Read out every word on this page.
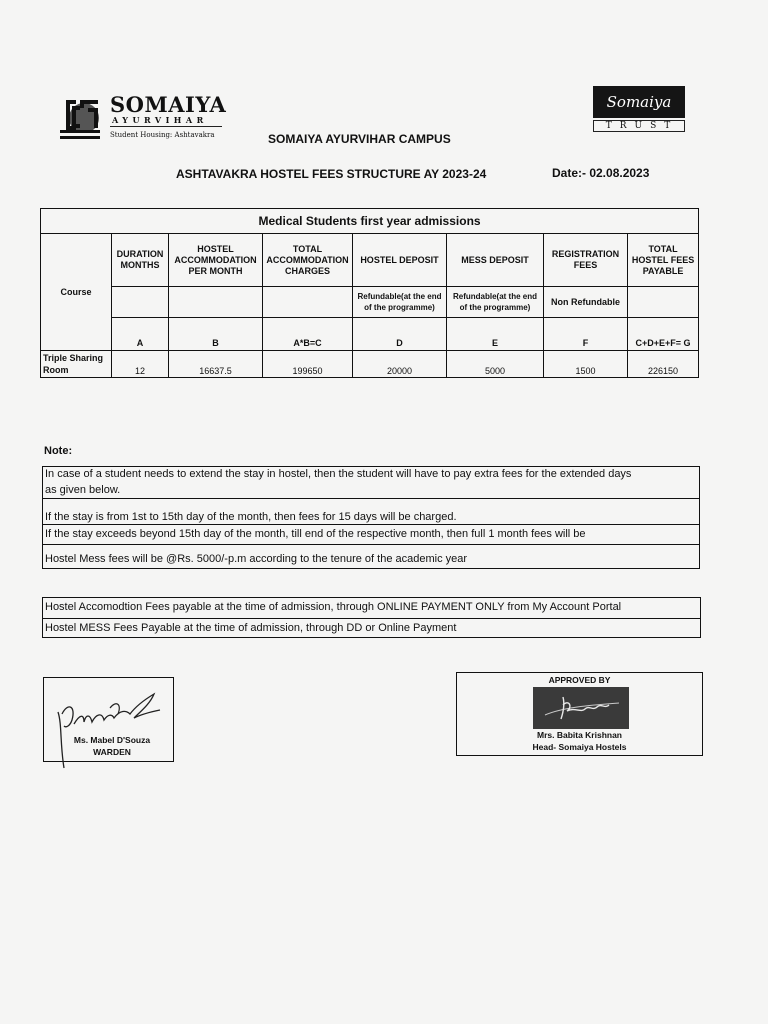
SOMAIYA
AYURVIHAR
Student Housing: Ashtavakra
Somaiya
TRUST
SOMAIYA AYURVIHAR CAMPUS
ASHTAVAKRA HOSTEL FEES STRUCTURE AY 2023-24	Date:- 02.08.2023
Medical Students first year admissions							
Course	DURATION MONTHS	HOSTEL ACCOMMODATION PER MONTH	TOTAL ACCOMMODATION CHARGES	HOSTEL DEPOSIT	MESS DEPOSIT	REGISTRATION FEES	TOTAL HOSTEL FEES PAYABLE
				Refundable(at the end of the programme)	Refundable(at the end of the programme)	Non Refundable	
	A	B	A*B=C	D	E	F	C+D+E+F= G
Triple Sharing Room	12	16637.5	199650	20000	5000	1500	226150
Note:
In case of a student needs to extend the stay in hostel, then the student will have to pay extra fees for the extended days
as given below.
If the stay is from 1st to 15th day of the month, then fees for 15 days will be charged.
If the stay exceeds beyond 15th day of the month, till end of the respective month, then full 1 month fees will be
Hostel Mess fees will be @Rs. 5000/-p.m according to the tenure of the academic year
Hostel Accomodtion Fees payable at the time of admission, through ONLINE PAYMENT ONLY from My Account Portal
Hostel MESS Fees Payable at the time of admission, through DD or Online Payment
Ms. Mabel D'Souza
WARDEN
APPROVED BY
Mrs. Babita Krishnan
Head- Somaiya Hostels
